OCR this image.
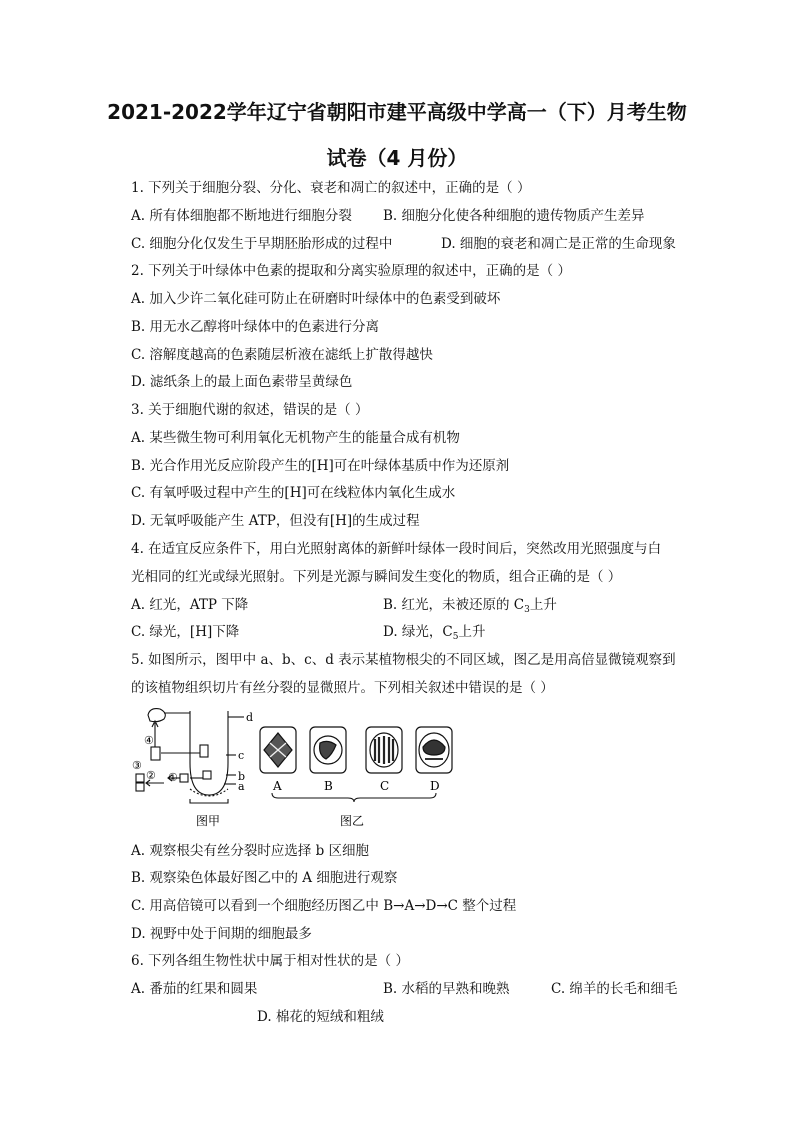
2021-2022学年辽宁省朝阳市建平高级中学高一（下）月考生物
试卷（4 月份）
1. 下列关于细胞分裂、分化、衰老和凋亡的叙述中，正确的是（ ）
A. 所有体细胞都不断地进行细胞分裂 B. 细胞分化使各种细胞的遗传物质产生差异
C. 细胞分化仅发生于早期胚胎形成的过程中	D. 细胞的衰老和凋亡是正常的生命现象
2. 下列关于叶绿体中色素的提取和分离实验原理的叙述中，正确的是（ ）
A. 加入少许二氧化硅可防止在研磨时叶绿体中的色素受到破坏
B. 用无水乙醇将叶绿体中的色素进行分离
C. 溶解度越高的色素随层析液在滤纸上扩散得越快
D. 滤纸条上的最上面色素带呈黄绿色
3. 关于细胞代谢的叙述，错误的是（ ）
A. 某些微生物可利用氧化无机物产生的能量合成有机物
B. 光合作用光反应阶段产生的[H]可在叶绿体基质中作为还原剂
C. 有氧呼吸过程中产生的[H]可在线粒体内氧化生成水
D. 无氧呼吸能产生 ATP，但没有[H]的生成过程
4. 在适宜反应条件下，用白光照射离体的新鲜叶绿体一段时间后，突然改用光照强度与白
光相同的红光或绿光照射。下列是光源与瞬间发生变化的物质，组合正确的是（ ）
A. 红光，ATP 下降	B. 红光，未被还原的 $C_3$上升
C. 绿光，[H]下降	D. 绿光，$C_5$上升
5. 如图所示，图甲中 a、b、c、d 表示某植物根尖的不同区域，图乙是用高倍显微镜观察到
的该植物组织切片有丝分裂的显微照片。下列相关叙述中错误的是（ ）
d
c
b
a
④
③
② ①
A	B	C	D
图甲	图乙
A. 观察根尖有丝分裂时应选择 b 区细胞
B. 观察染色体最好图乙中的 A 细胞进行观察
C. 用高倍镜可以看到一个细胞经历图乙中 B→A→D→C 整个过程
D. 视野中处于间期的细胞最多
6. 下列各组生物性状中属于相对性状的是（ ）
A. 番茄的红果和圆果	B. 水稻的早熟和晚熟	C. 绵羊的长毛和细毛
D. 棉花的短绒和粗绒
